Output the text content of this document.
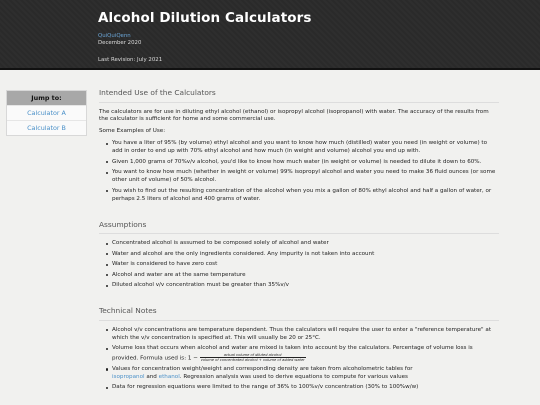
Alcohol Dilution Calculators
QuiQuiQenn
December 2020
Last Revision: July 2021
Jump to:
Calculator A
Calculator B
Intended Use of the Calculators

The calculators are for use in diluting ethyl alcohol (ethanol) or isopropyl alcohol (isopropanol) with water. The accuracy of the results from the calculator is sufficient for home and some commercial use.

Some Examples of Use:

You have a liter of 95% (by volume) ethyl alcohol and you want to know how much (distilled) water you need (in weight or volume) to add in order to end up with 70% ethyl alcohol and how much (in weight and volume) alcohol you end up with.
Given 1,000 grams of 70%v/v alcohol, you'd like to know how much water (in weight or volume) is needed to dilute it down to 60%.
You want to know how much (whether in weight or volume) 99% isopropyl alcohol and water you need to make 36 fluid ounces (or some other unit of volume) of 50% alcohol.
You wish to find out the resulting concentration of the alcohol when you mix a gallon of 80% ethyl alcohol and half a gallon of water, or perhaps 2.5 liters of alcohol and 400 grams of water.
Assumptions
Concentrated alcohol is assumed to be composed solely of alcohol and water
Water and alcohol are the only ingredients considered. Any impurity is not taken into account
Water is considered to have zero cost
Alcohol and water are at the same temperature
Diluted alcohol v/v concentration must be greater than 35%v/v
Technical Notes
Alcohol v/v concentrations are temperature dependent. Thus the calculators will require the user to enter a "reference temperature" at which the v/v concentration is specified at. This will usually be 20 or 25°C.
Volume loss that occurs when alcohol and water are mixed is taken into account by the calculators. Percentage of volume loss is provided. Formula used is: $1 - \frac{\text{actual volume of diluted alcohol}}{\text{volume of concentrated alcohol + volume of added water}}$
Values for concentration weight/weight and corresponding density are taken from alcoholometric tables for
isopropanol and ethanol. Regression analysis was used to derive equations to compute for various values
Data for regression equations were limited to the range of 36% to 100%v/v concentration (30% to 100%w/w)
